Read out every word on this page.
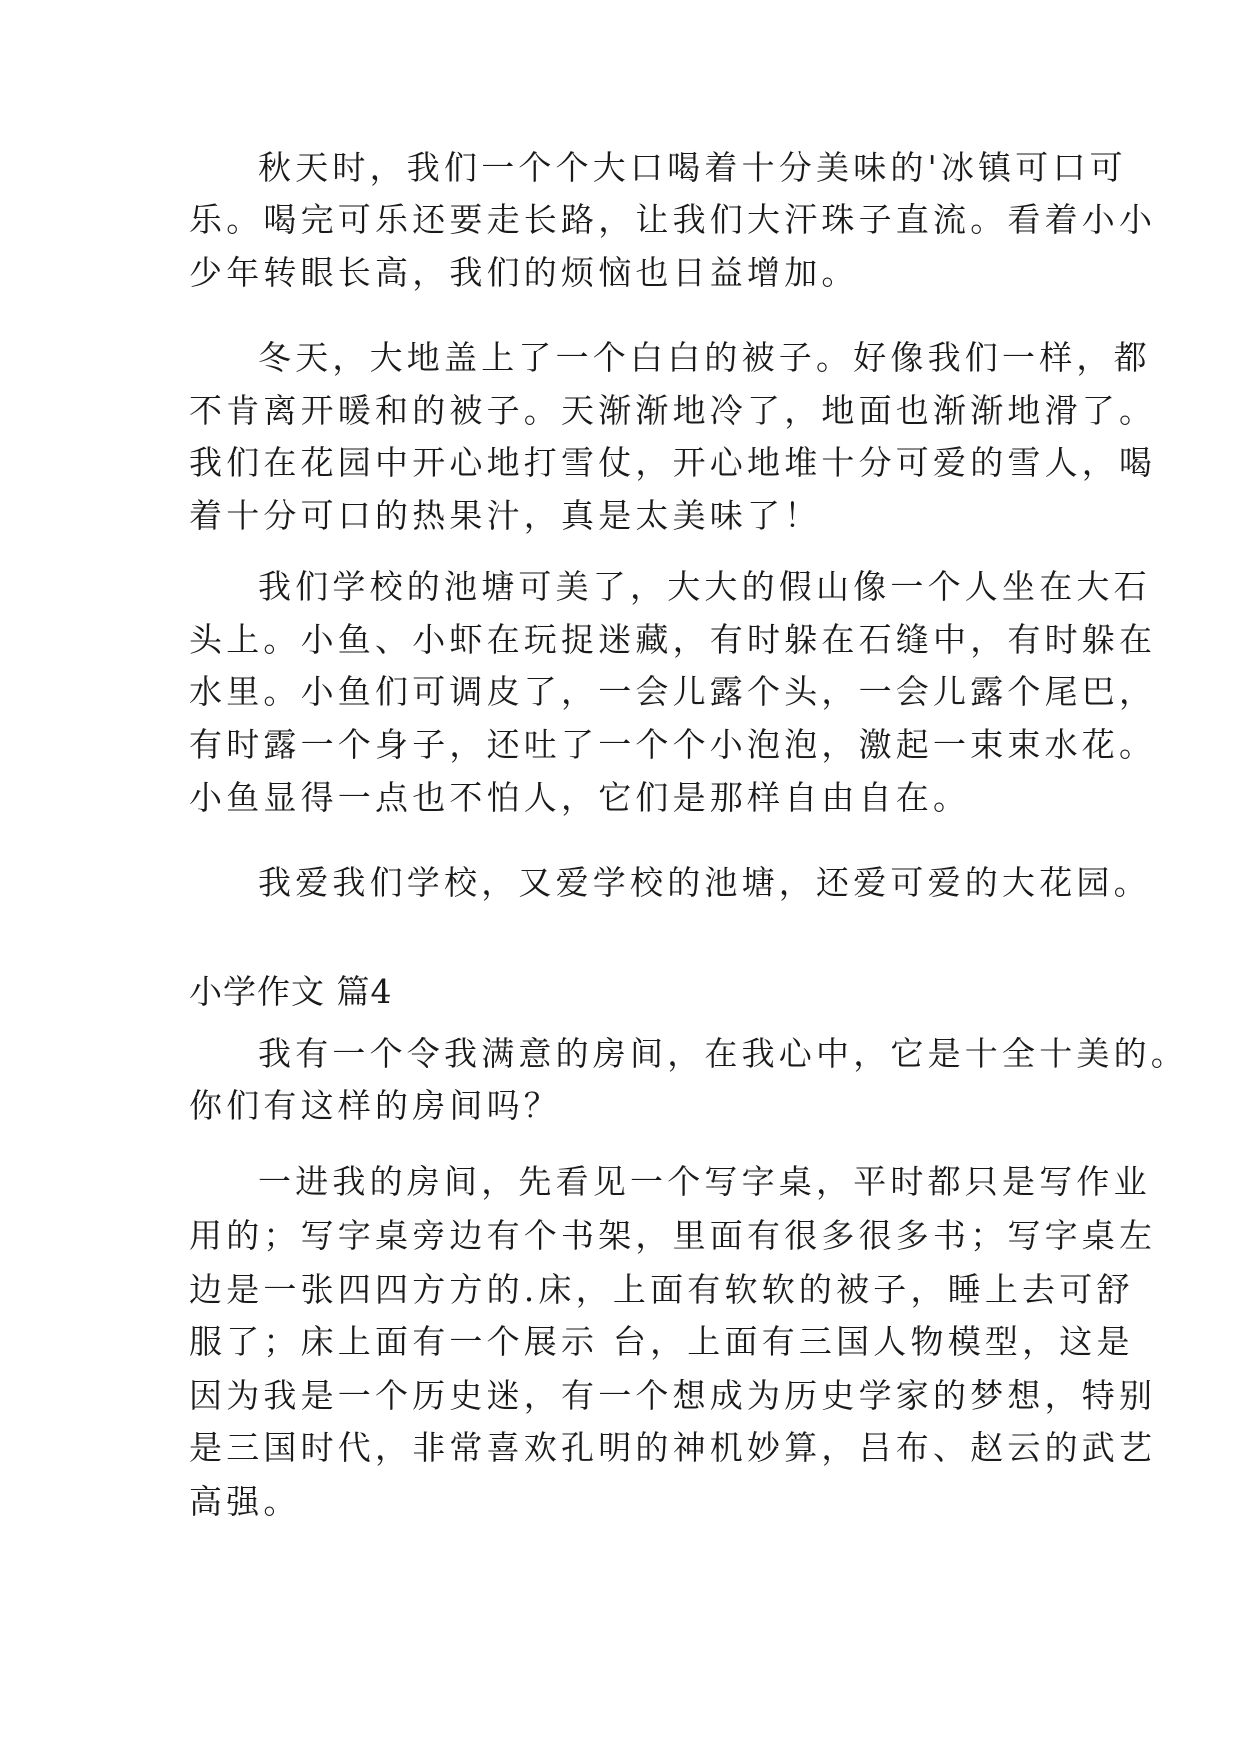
秋天时，我们一个个大口喝着十分美味的'冰镇可口可
乐。喝完可乐还要走长路，让我们大汗珠子直流。看着小小
少年转眼长高，我们的烦恼也日益增加。
冬天，大地盖上了一个白白的被子。好像我们一样，都
不肯离开暖和的被子。天渐渐地冷了，地面也渐渐地滑了。
我们在花园中开心地打雪仗，开心地堆十分可爱的雪人，喝
着十分可口的热果汁，真是太美味了！
我们学校的池塘可美了，大大的假山像一个人坐在大石
头上。小鱼、小虾在玩捉迷藏，有时躲在石缝中，有时躲在
水里。小鱼们可调皮了，一会儿露个头，一会儿露个尾巴，
有时露一个身子，还吐了一个个小泡泡，激起一束束水花。
小鱼显得一点也不怕人，它们是那样自由自在。
我爱我们学校，又爱学校的池塘，还爱可爱的大花园。
小学作文 篇4
我有一个令我满意的房间，在我心中，它是十全十美的。
你们有这样的房间吗？
一进我的房间，先看见一个写字桌，平时都只是写作业
用的；写字桌旁边有个书架，里面有很多很多书；写字桌左
边是一张四四方方的.床，上面有软软的被子，睡上去可舒
服了；床上面有一个展示 台，上面有三国人物模型，这是
因为我是一个历史迷，有一个想成为历史学家的梦想，特别
是三国时代，非常喜欢孔明的神机妙算，吕布、赵云的武艺
高强。
